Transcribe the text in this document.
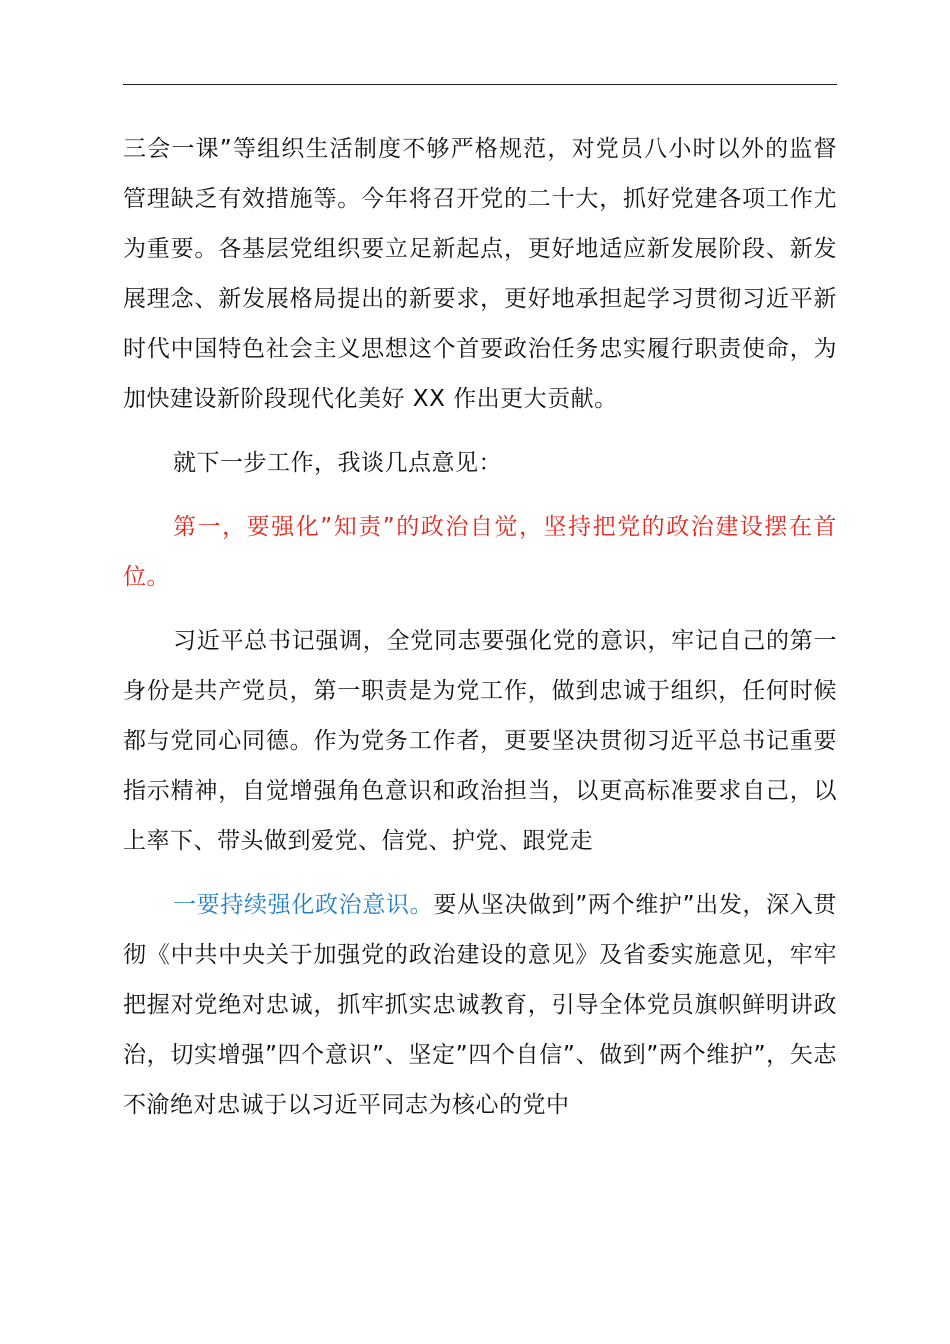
三会一课”等组织生活制度不够严格规范，对党员八小时以外的监督管理缺乏有效措施等。今年将召开党的二十大，抓好党建各项工作尤为重要。各基层党组织要立足新起点，更好地适应新发展阶段、新发展理念、新发展格局提出的新要求，更好地承担起学习贯彻习近平新时代中国特色社会主义思想这个首要政治任务忠实履行职责使命，为加快建设新阶段现代化美好 XX 作出更大贡献。

就下一步工作，我谈几点意见：

第一，要强化”知责”的政治自觉，坚持把党的政治建设摆在首位。

习近平总书记强调，全党同志要强化党的意识，牢记自己的第一身份是共产党员，第一职责是为党工作，做到忠诚于组织，任何时候都与党同心同德。作为党务工作者，更要坚决贯彻习近平总书记重要指示精神，自觉增强角色意识和政治担当，以更高标准要求自己，以上率下、带头做到爱党、信党、护党、跟党走

一要持续强化政治意识。要从坚决做到”两个维护”出发，深入贯彻《中共中央关于加强党的政治建设的意见》及省委实施意见，牢牢把握对党绝对忠诚，抓牢抓实忠诚教育，引导全体党员旗帜鲜明讲政治，切实增强”四个意识”、坚定”四个自信”、做到”两个维护”，矢志不渝绝对忠诚于以习近平同志为核心的党中
